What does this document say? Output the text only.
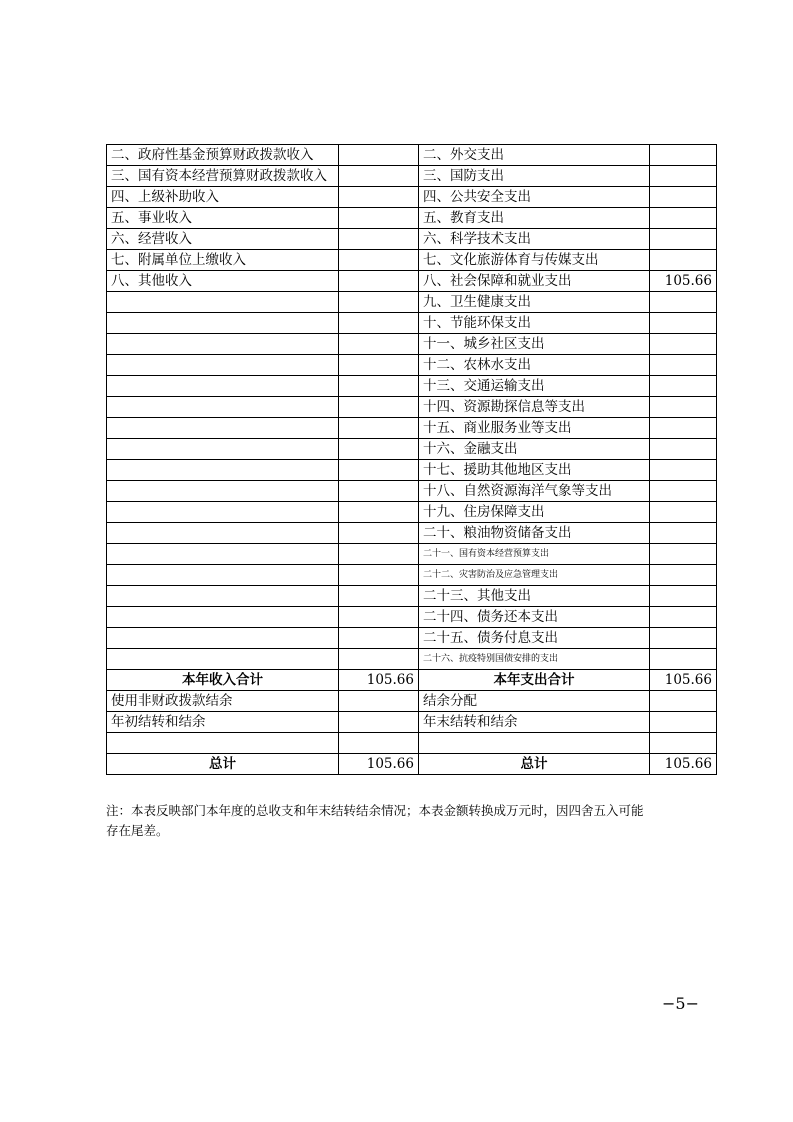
二、政府性基金预算财政拨款收入		二、外交支出	
三、国有资本经营预算财政拨款收入		三、国防支出	
四、上级补助收入		四、公共安全支出	
五、事业收入		五、教育支出	
六、经营收入		六、科学技术支出	
七、附属单位上缴收入		七、文化旅游体育与传媒支出	
八、其他收入		八、社会保障和就业支出	105.66
		九、卫生健康支出	
		十、节能环保支出	
		十一、城乡社区支出	
		十二、农林水支出	
		十三、交通运输支出	
		十四、资源勘探信息等支出	
		十五、商业服务业等支出	
		十六、金融支出	
		十七、援助其他地区支出	
		十八、自然资源海洋气象等支出	
		十九、住房保障支出	
		二十、粮油物资储备支出	
		二十一、国有资本经营预算支出	
		二十二、灾害防治及应急管理支出	
		二十三、其他支出	
		二十四、债务还本支出	
		二十五、债务付息支出	
		二十六、抗疫特别国债安排的支出	
本年收入合计	105.66	本年支出合计	105.66
使用非财政拨款结余		结余分配	
年初结转和结余		年末结转和结余	

总计	105.66	总计	105.66
注：本表反映部门本年度的总收支和年末结转结余情况；本表金额转换成万元时，因四舍五入可能
存在尾差。
−5−
